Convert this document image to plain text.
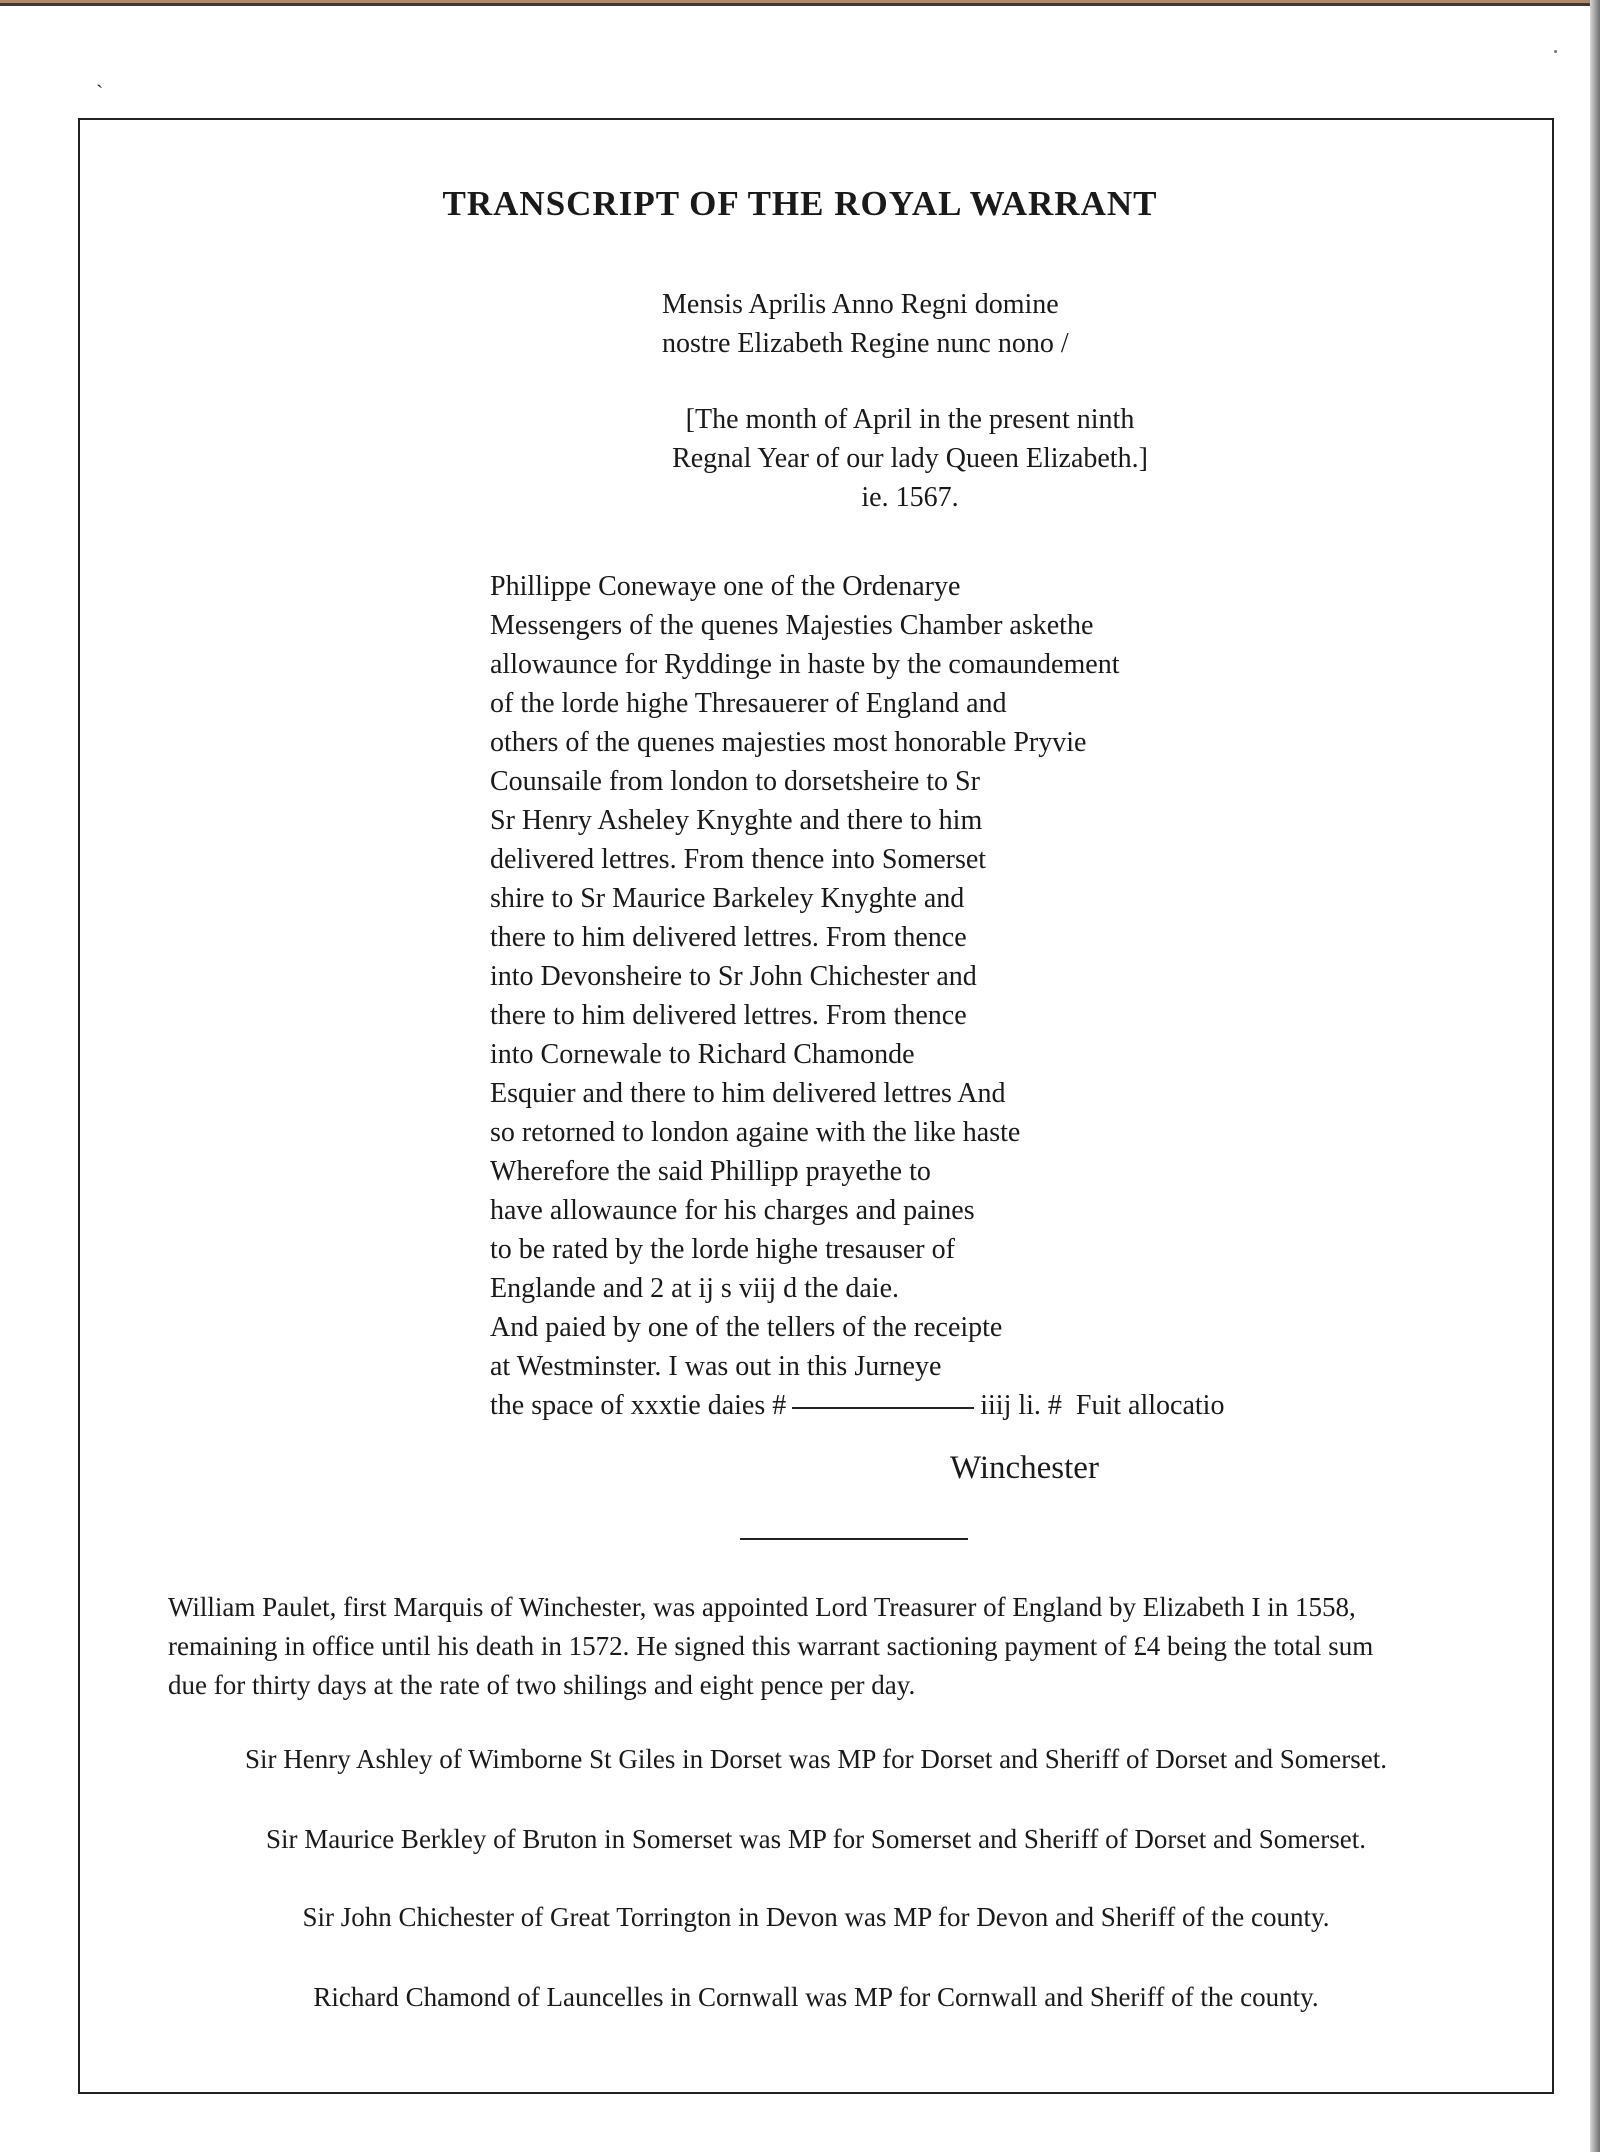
`
TRANSCRIPT OF THE ROYAL WARRANT
Mensis Aprilis Anno Regni domine
nostre Elizabeth Regine nunc nono /
[The month of April in the present ninth
Regnal Year of our lady Queen Elizabeth.]
ie. 1567.
Phillippe Conewaye one of the Ordenarye
Messengers of the quenes Majesties Chamber askethe
allowaunce for Ryddinge in haste by the comaundement
of the lorde highe Thresauerer of England and
others of the quenes majesties most honorable Pryvie
Counsaile from london to dorsetsheire to Sr
Sr Henry Asheley Knyghte and there to him
delivered lettres. From thence into Somerset
shire to Sr Maurice Barkeley Knyghte and
there to him delivered lettres. From thence
into Devonsheire to Sr John Chichester and
there to him delivered lettres. From thence
into Cornewale to Richard Chamonde
Esquier and there to him delivered lettres And
so retorned to london againe with the like haste
Wherefore the said Phillipp prayethe to
have allowaunce for his charges and paines
to be rated by the lorde highe tresauser of
Englande and 2 at ij s viij d the daie.
And paied by one of the tellers of the receipte
at Westminster. I was out in this Jurneye
the space of xxxtie daies #	iiij li. # Fuit allocatio
Winchester
William Paulet, first Marquis of Winchester, was appointed Lord Treasurer of England by Elizabeth I in 1558,
remaining in office until his death in 1572. He signed this warrant sactioning payment of £4 being the total sum
due for thirty days at the rate of two shilings and eight pence per day.
Sir Henry Ashley of Wimborne St Giles in Dorset was MP for Dorset and Sheriff of Dorset and Somerset.
Sir Maurice Berkley of Bruton in Somerset was MP for Somerset and Sheriff of Dorset and Somerset.
Sir John Chichester of Great Torrington in Devon was MP for Devon and Sheriff of the county.
Richard Chamond of Launcelles in Cornwall was MP for Cornwall and Sheriff of the county.
